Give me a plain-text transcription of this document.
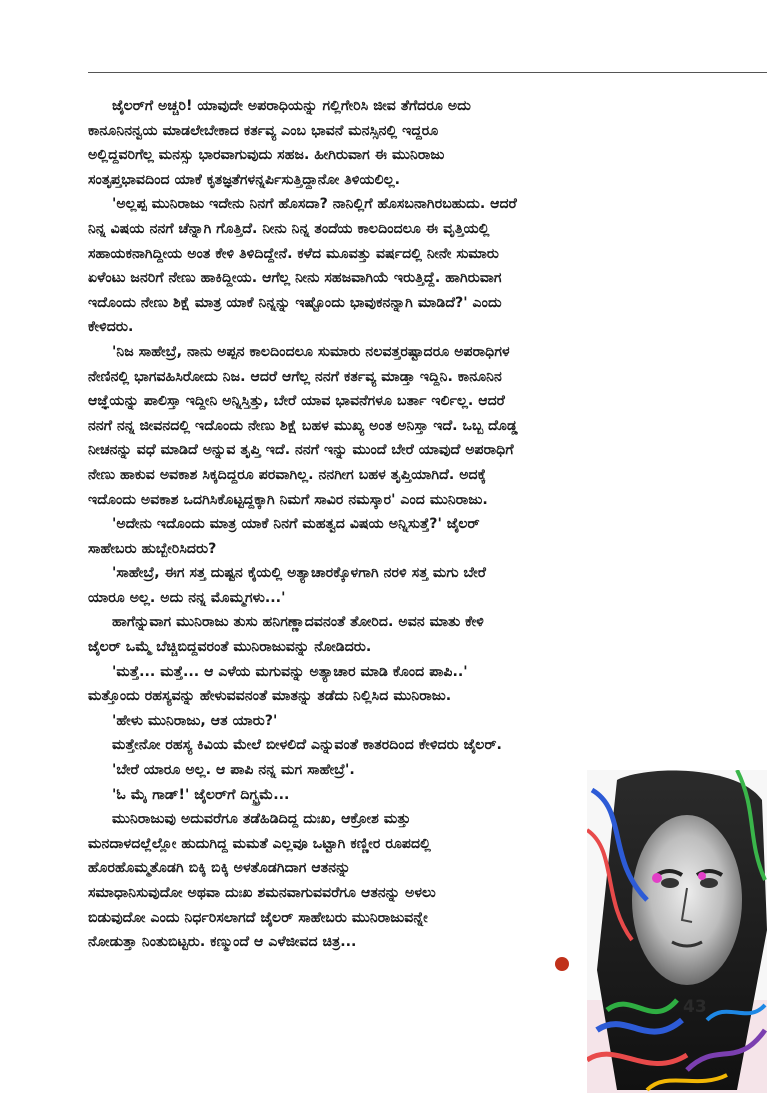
ಜೈಲರ್‌ಗೆ ಅಚ್ಚರಿ! ಯಾವುದೇ ಅಪರಾಧಿಯನ್ನು ಗಲ್ಲಿಗೇರಿಸಿ ಜೀವ ತೆಗೆದರೂ ಅದು
ಕಾನೂನಿನನ್ವಯ ಮಾಡಲೇಬೇಕಾದ ಕರ್ತವ್ಯ ಎಂಬ ಭಾವನೆ ಮನಸ್ಸಿನಲ್ಲಿ ಇದ್ದರೂ
ಅಲ್ಲಿದ್ದವರಿಗೆಲ್ಲ ಮನಸ್ಸು ಭಾರವಾಗುವುದು ಸಹಜ. ಹೀಗಿರುವಾಗ ಈ ಮುನಿರಾಜು
ಸಂತೃಪ್ತಭಾವದಿಂದ ಯಾಕೆ ಕೃತಜ್ಞತೆಗಳನ್ನರ್ಪಿಸುತ್ತಿದ್ದಾನೋ ತಿಳಿಯಲಿಲ್ಲ.
'ಅಲ್ಲಪ್ಪ ಮುನಿರಾಜು ಇದೇನು ನಿನಗೆ ಹೊಸದಾ? ನಾನಿಲ್ಲಿಗೆ ಹೊಸಬನಾಗಿರಬಹುದು. ಆದರೆ
ನಿನ್ನ ವಿಷಯ ನನಗೆ ಚೆನ್ನಾಗಿ ಗೊತ್ತಿದೆ. ನೀನು ನಿನ್ನ ತಂದೆಯ ಕಾಲದಿಂದಲೂ ಈ ವೃತ್ತಿಯಲ್ಲಿ
ಸಹಾಯಕನಾಗಿದ್ದೀಯ ಅಂತ ಕೇಳಿ ತಿಳಿದಿದ್ದೇನೆ. ಕಳೆದ ಮೂವತ್ತು ವರ್ಷದಲ್ಲಿ ನೀನೇ ಸುಮಾರು
ಏಳೆಂಟು ಜನರಿಗೆ ನೇಣು ಹಾಕಿದ್ದೀಯ. ಆಗೆಲ್ಲ ನೀನು ಸಹಜವಾಗಿಯೆ ಇರುತ್ತಿದ್ದೆ. ಹಾಗಿರುವಾಗ
ಇದೊಂದು ನೇಣು ಶಿಕ್ಷೆ ಮಾತ್ರ ಯಾಕೆ ನಿನ್ನನ್ನು ಇಷ್ಟೊಂದು ಭಾವುಕನನ್ನಾಗಿ ಮಾಡಿದೆ?' ಎಂದು
ಕೇಳಿದರು.
'ನಿಜ ಸಾಹೇಬ್ರೆ, ನಾನು ಅಪ್ಪನ ಕಾಲದಿಂದಲೂ ಸುಮಾರು ನಲವತ್ತರಷ್ಟಾದರೂ ಅಪರಾಧಿಗಳ
ನೇಣಿನಲ್ಲಿ ಭಾಗವಹಿಸಿರೋದು ನಿಜ. ಆದರೆ ಆಗೆಲ್ಲ ನನಗೆ ಕರ್ತವ್ಯ ಮಾಡ್ತಾ ಇದ್ದಿನಿ. ಕಾನೂನಿನ
ಆಜ್ಞೆಯನ್ನು ಪಾಲಿಸ್ತಾ ಇದ್ದೀನಿ ಅನ್ನಿಸ್ತಿತ್ತು, ಬೇರೆ ಯಾವ ಭಾವನೆಗಳೂ ಬರ್ತಾ ಇರ್ಲಿಲ್ಲ. ಆದರೆ
ನನಗೆ ನನ್ನ ಜೀವನದಲ್ಲಿ ಇದೊಂದು ನೇಣು ಶಿಕ್ಷೆ ಬಹಳ ಮುಖ್ಯ ಅಂತ ಅನಿಸ್ತಾ ಇದೆ. ಒಬ್ಬ ದೊಡ್ಡ
ನೀಚನನ್ನು ವಧೆ ಮಾಡಿದೆ ಅನ್ನುವ ತೃಪ್ತಿ ಇದೆ. ನನಗೆ ಇನ್ನು ಮುಂದೆ ಬೇರೆ ಯಾವುದೆ ಅಪರಾಧಿಗೆ
ನೇಣು ಹಾಕುವ ಅವಕಾಶ ಸಿಕ್ಕದಿದ್ದರೂ ಪರವಾಗಿಲ್ಲ. ನನಗೀಗ ಬಹಳ ತೃಪ್ತಿಯಾಗಿದೆ. ಅದಕ್ಕೆ
ಇದೊಂದು ಅವಕಾಶ ಒದಗಿಸಿಕೊಟ್ಟದ್ದಕ್ಕಾಗಿ ನಿಮಗೆ ಸಾವಿರ ನಮಸ್ಕಾರ' ಎಂದ ಮುನಿರಾಜು.
'ಅದೇನು ಇದೊಂದು ಮಾತ್ರ ಯಾಕೆ ನಿನಗೆ ಮಹತ್ವದ ವಿಷಯ ಅನ್ನಿಸುತ್ತೆ?' ಜೈಲರ್
ಸಾಹೇಬರು ಹುಬ್ಬೇರಿಸಿದರು?
'ಸಾಹೇಬ್ರೆ, ಈಗ ಸತ್ತ ದುಷ್ಟನ ಕೈಯಲ್ಲಿ ಅತ್ಯಾಚಾರಕ್ಕೊಳಗಾಗಿ ನರಳಿ ಸತ್ತ ಮಗು ಬೇರೆ
ಯಾರೂ ಅಲ್ಲ. ಅದು ನನ್ನ ಮೊಮ್ಮಗಳು...'
ಹಾಗೆನ್ನುವಾಗ ಮುನಿರಾಜು ತುಸು ಹನಿಗಣ್ಣಾದವನಂತೆ ತೋರಿದ. ಅವನ ಮಾತು ಕೇಳಿ
ಜೈಲರ್ ಒಮ್ಮೆ ಬೆಚ್ಚಿಬಿದ್ದವರಂತೆ ಮುನಿರಾಜುವನ್ನು ನೋಡಿದರು.
'ಮತ್ತೆ... ಮತ್ತೆ... ಆ ಎಳೆಯ ಮಗುವನ್ನು ಅತ್ಯಾಚಾರ ಮಾಡಿ ಕೊಂದ ಪಾಪಿ..'
ಮತ್ತೊಂದು ರಹಸ್ಯವನ್ನು ಹೇಳುವವನಂತೆ ಮಾತನ್ನು ತಡೆದು ನಿಲ್ಲಿಸಿದ ಮುನಿರಾಜು.
'ಹೇಳು ಮುನಿರಾಜು, ಆತ ಯಾರು?'
ಮತ್ತೇನೋ ರಹಸ್ಯ ಕಿವಿಯ ಮೇಲೆ ಬೀಳಲಿದೆ ಎನ್ನುವಂತೆ ಕಾತರದಿಂದ ಕೇಳಿದರು ಜೈಲರ್.
'ಬೇರೆ ಯಾರೂ ಅಲ್ಲ. ಆ ಪಾಪಿ ನನ್ನ ಮಗ ಸಾಹೇಬ್ರೆ'.
'ಓ ಮೈ ಗಾಡ್!' ಜೈಲರ್‌ಗೆ ದಿಗ್ಭ್ರಮೆ...
ಮುನಿರಾಜುವು ಅದುವರೆಗೂ ತಡೆಹಿಡಿದಿದ್ದ ದುಃಖ, ಆಕ್ರೋಶ ಮತ್ತು
ಮನದಾಳದಲ್ಲೆಲ್ಲೋ ಹುದುಗಿದ್ದ ಮಮತೆ ಎಲ್ಲವೂ ಒಟ್ಟಾಗಿ ಕಣ್ಣೀರ ರೂಪದಲ್ಲಿ
ಹೊರಹೊಮ್ಮತೊಡಗಿ ಬಿಕ್ಕಿ ಬಿಕ್ಕಿ ಅಳತೊಡಗಿದಾಗ ಆತನನ್ನು
ಸಮಾಧಾನಿಸುವುದೋ ಅಥವಾ ದುಃಖ ಶಮನವಾಗುವವರೆಗೂ ಆತನನ್ನು ಅಳಲು
ಬಿಡುವುದೋ ಎಂದು ನಿರ್ಧರಿಸಲಾಗದೆ ಜೈಲರ್ ಸಾಹೇಬರು ಮುನಿರಾಜುವನ್ನೇ
ನೋಡುತ್ತಾ ನಿಂತುಬಿಟ್ಟರು. ಕಣ್ಮುಂದೆ ಆ ಎಳೆಜೀವದ ಚಿತ್ರ...
43
